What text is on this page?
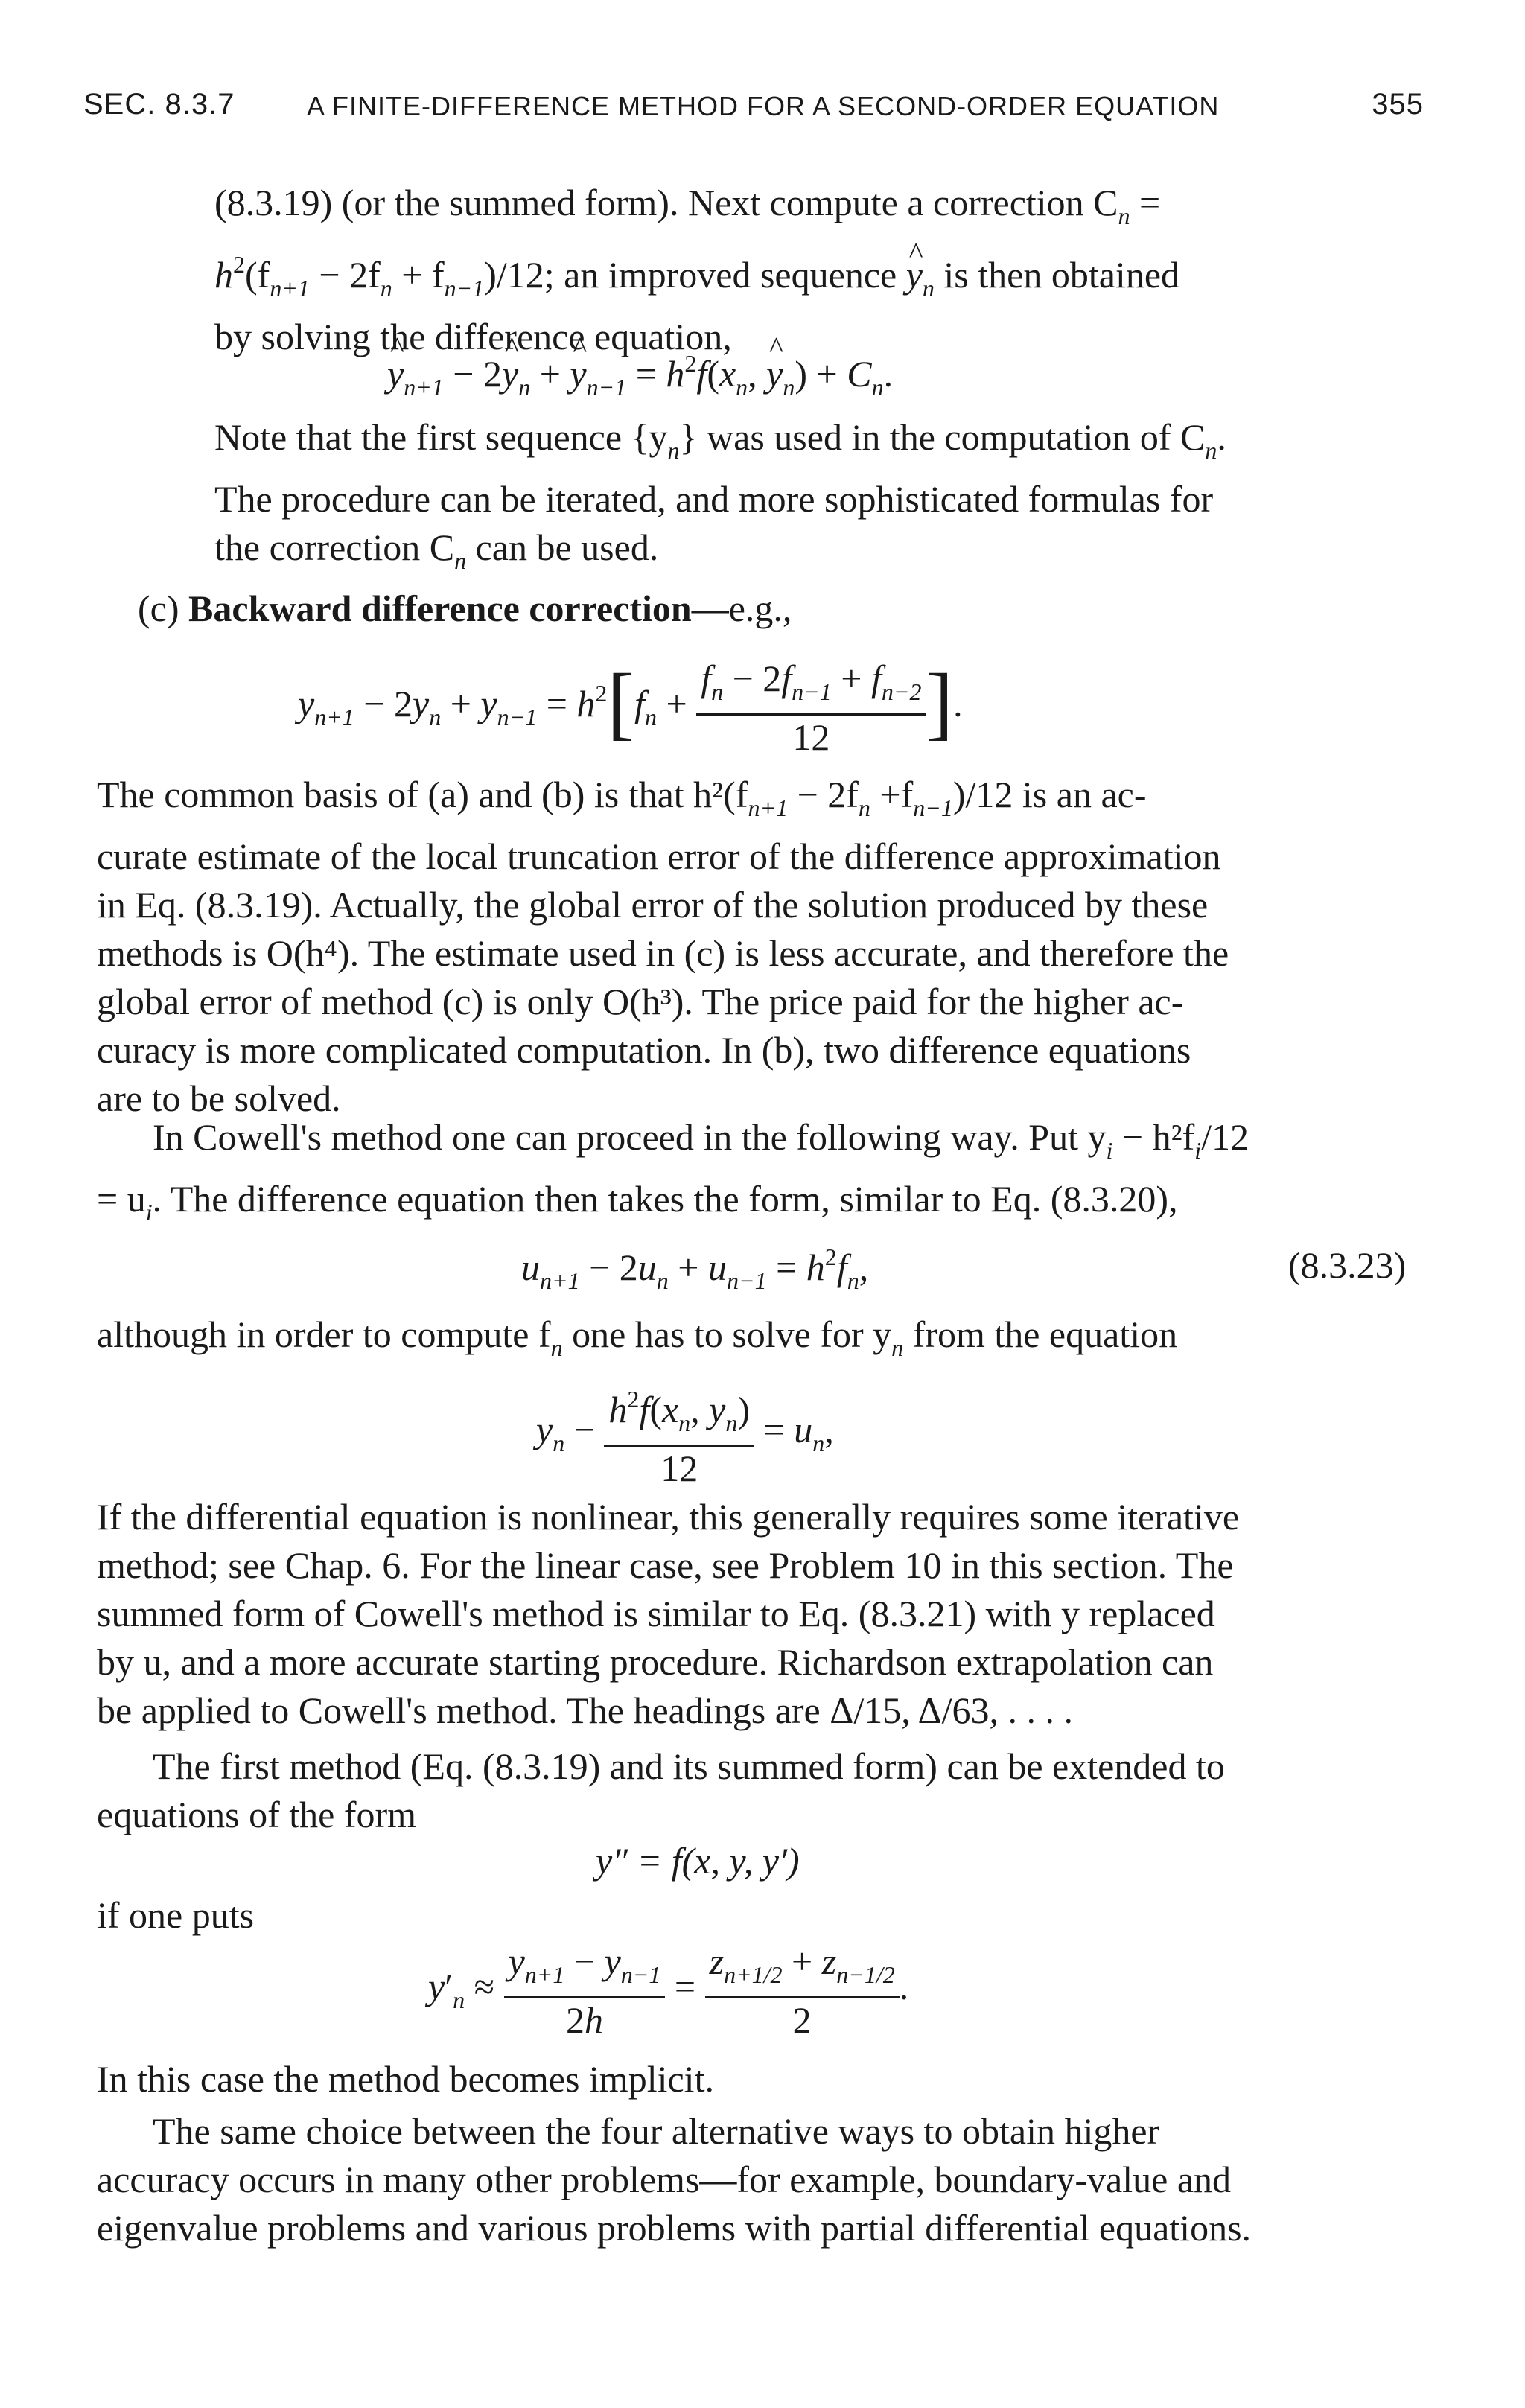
SEC. 8.3.7	A FINITE-DIFFERENCE METHOD FOR A SECOND-ORDER EQUATION	355
(8.3.19) (or the summed form). Next compute a correction $C_n$ =
$h^2(f_{n+1} - 2f_n + f_{n-1})/12$; an improved sequence ^ $y_n$ is then obtained
by solving the difference equation,
^ $y_{n+1}$ − 2^ $y_n$ + ^ $y_{n-1} = h^2f(x_n$, ^ $y_n) + C_n$.
Note that the first sequence $\{y_n\}$ was used in the computation of $C_n$.
The procedure can be iterated, and more sophisticated formulas for
the correction $C_n$ can be used.
(c) Backward difference correction—e.g.,
$y_{n+1} - 2y_n + y_{n-1} = h^2[f_n + \frac{f_n - 2f_{n-1} + f_{n-2}}{12}$ ].
The common basis of (a) and (b) is that $h^2(f_{n+1} - 2f_n +f_{n-1})/12$ is an ac-
curate estimate of the local truncation error of the difference approximation
in Eq. (8.3.19). Actually, the global error of the solution produced by these
methods is O(h⁴). The estimate used in (c) is less accurate, and therefore the
global error of method (c) is only O(h³). The price paid for the higher ac-
curacy is more complicated computation. In (b), two difference equations
are to be solved.
In Cowell's method one can proceed in the following way. Put $y_i - h^2f_i/12$
= $u_i$. The difference equation then takes the form, similar to Eq. (8.3.20),
$u_{n+1} - 2u_n + u_{n-1} = h^2f_n$,	(8.3.23)
although in order to compute $f_n$ one has to solve for $y_n$ from the equation
$y_n - \frac{h^2f(x_n, y_n)}{12} = u_n$,
If the differential equation is nonlinear, this generally requires some iterative
method; see Chap. 6. For the linear case, see Problem 10 in this section. The
summed form of Cowell's method is similar to Eq. (8.3.21) with y replaced
by u, and a more accurate starting procedure. Richardson extrapolation can
be applied to Cowell's method. The headings are Δ/15, Δ/63, . . . .
The first method (Eq. (8.3.19) and its summed form) can be extended to
equations of the form
y″ = f(x, y, y′)
if one puts
$y'_n \approx \frac{y_{n+1} - y_{n-1}}{2h} = \frac{z_{n+1/2} + z_{n-1/2}}{2}$ .
In this case the method becomes implicit.
The same choice between the four alternative ways to obtain higher
accuracy occurs in many other problems—for example, boundary-value and
eigenvalue problems and various problems with partial differential equations.
